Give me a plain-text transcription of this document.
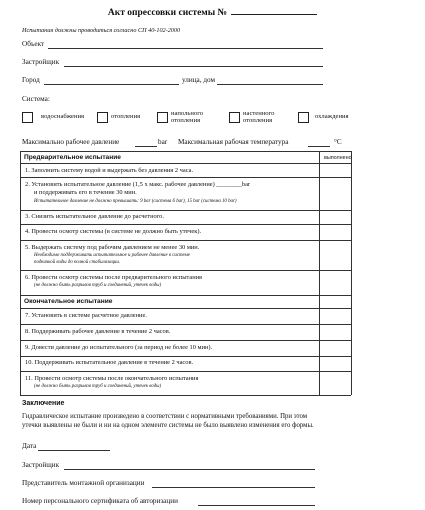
Акт опрессовки системы №
Испытания должны проводиться согласно СП 40-102-2000
Объект
Застройщик
Город	улица, дом
Система:
водоснабжения	отопления	напольного отопления
настенного отопления
охлаждения
Максимально рабочее давление	bar Максимальная рабочая температура	°C
Предварительное испытание	выполнено
1. Заполнить систему водой и выдержать без давления 2 часа.
2. Установить испытательное давление (1,5 х макс. рабочее давление) ________bar
и поддерживать его в течение 30 мин.
Испытательное давление не должно превышать: 9 bar (система 6 bar), 15 bar (система 10 bar)
3. Снизить испытательное давление до расчетного.
4. Провести осмотр системы (в системе не должно быть утечек).
5. Выдержать систему под рабочим давлением не менее 30 мин.
Необходимо поддерживать испытательное и рабочее давление в системе
подкачкой воды до полной стабилизации.
6. Провести осмотр системы после предварительного испытания
(не должно быть разрывов труб и соединений, утечек воды)
Окончательное испытание
7. Установить в системе расчетное давление.
8. Поддерживать рабочее давление в течение 2 часов.
9. Довести давление до испытательного (за период не более 10 мин).
10. Поддерживать испытательное давление в течение 2 часов.
11. Провести осмотр системы после окончательного испытания
(не должно быть разрывов труб и соединений, утечек воды)
Заключение
Гидравлическое испытание произведено в соответствии с нормативными требованиями. При этом
утечки выявлены не были и ни на одном элементе системы не было выявлено изменения его формы.
Дата
Застройщик
Представитель монтажной организации
Номер персонального сертификата об авторизации
